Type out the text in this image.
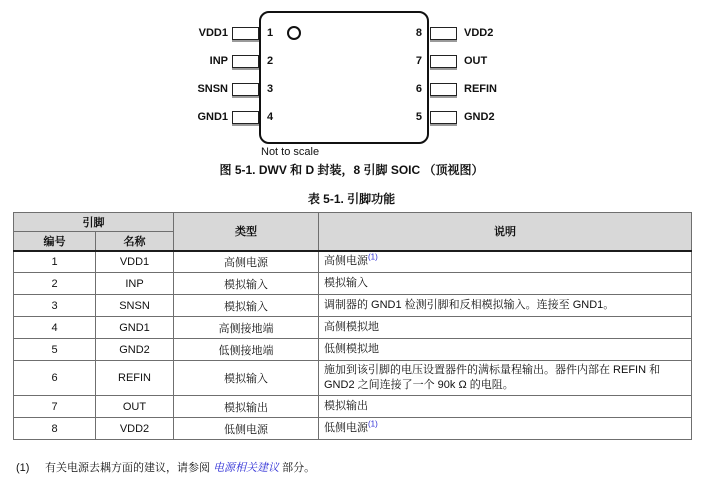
1
2
3
4
8
7
6
5
VDD1
INP
SNSN
GND1
VDD2
OUT
REFIN
GND2
Not to scale
图 5-1. DWV 和 D 封装，8 引脚 SOIC （顶视图）
表 5-1. 引脚功能
引脚		类型	说明
编号	名称		
1	VDD1	高侧电源	高侧电源$^{(1)}$
2	INP	模拟输入	模拟输入
3	SNSN	模拟输入	调制器的 GND1 检测引脚和反相模拟输入。连接至 GND1。
4	GND1	高侧接地端	高侧模拟地
5	GND2	低侧接地端	低侧模拟地
6	REFIN	模拟输入	施加到该引脚的电压设置器件的满标量程输出。器件内部在 REFIN 和 GND2 之间连接了一个 90k Ω 的电阻。
7	OUT	模拟输出	模拟输出
8	VDD2	低侧电源	低侧电源$^{(1)}$
(1) 有关电源去耦方面的建议，请参阅 电源相关建议 部分。
